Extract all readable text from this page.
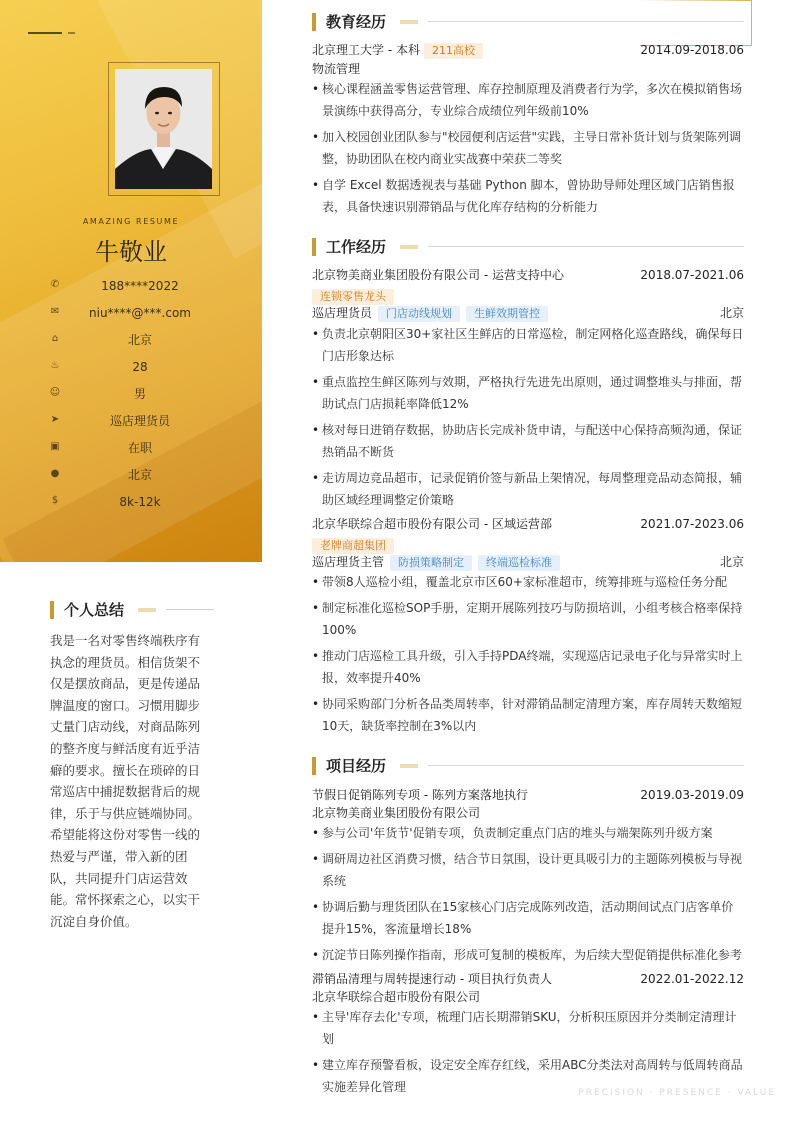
AMAZING RESUME
牛敬业
✆	188****2022
✉	niu****@***.com
⌂	北京
♨	28
☺	男
➤	巡店理货员
▣	在职
●	北京
$	8k-12k
个人总结
我是一名对零售终端秩序有执念的理货员。相信货架不仅是摆放商品，更是传递品牌温度的窗口。习惯用脚步丈量门店动线，对商品陈列的整齐度与鲜活度有近乎洁癖的要求。擅长在琐碎的日常巡店中捕捉数据背后的规律，乐于与供应链端协同。希望能将这份对零售一线的热爱与严谨，带入新的团队，共同提升门店运营效能。常怀探索之心，以实干沉淀自身价值。
教育经历
北京理工大学 - 本科 211高校	2014.09-2018.06
物流管理
• 核心课程涵盖零售运营管理、库存控制原理及消费者行为学，多次在模拟销售场景演练中获得高分，专业综合成绩位列年级前10%
• 加入校园创业团队参与"校园便利店运营"实践，主导日常补货计划与货架陈列调整，协助团队在校内商业实战赛中荣获二等奖
• 自学 Excel 数据透视表与基础 Python 脚本，曾协助导师处理区域门店销售报表，具备快速识别滞销品与优化库存结构的分析能力
工作经历
北京物美商业集团股份有限公司 - 运营支持中心	2018.07-2021.06
连锁零售龙头
巡店理货员 门店动线规划 生鲜效期管控	北京
• 负责北京朝阳区30+家社区生鲜店的日常巡检，制定网格化巡查路线，确保每日门店形象达标
• 重点监控生鲜区陈列与效期，严格执行先进先出原则，通过调整堆头与排面，帮助试点门店损耗率降低12%
• 核对每日进销存数据，协助店长完成补货申请，与配送中心保持高频沟通，保证热销品不断货
• 走访周边竞品超市，记录促销价签与新品上架情况，每周整理竞品动态简报，辅助区域经理调整定价策略
北京华联综合超市股份有限公司 - 区域运营部	2021.07-2023.06
老牌商超集团
巡店理货主管 防损策略制定 终端巡检标准	北京
• 带领8人巡检小组，覆盖北京市区60+家标准超市，统筹排班与巡检任务分配
• 制定标准化巡检SOP手册，定期开展陈列技巧与防损培训，小组考核合格率保持100%
• 推动门店巡检工具升级，引入手持PDA终端，实现巡店记录电子化与异常实时上报，效率提升40%
• 协同采购部门分析各品类周转率，针对滞销品制定清理方案，库存周转天数缩短10天，缺货率控制在3%以内
项目经历
节假日促销陈列专项 - 陈列方案落地执行	2019.03-2019.09
北京物美商业集团股份有限公司
• 参与公司'年货节'促销专项，负责制定重点门店的堆头与端架陈列升级方案
• 调研周边社区消费习惯，结合节日氛围，设计更具吸引力的主题陈列模板与导视系统
• 协调后勤与理货团队在15家核心门店完成陈列改造，活动期间试点门店客单价提升15%，客流量增长18%
• 沉淀节日陈列操作指南，形成可复制的模板库，为后续大型促销提供标准化参考
滞销品清理与周转提速行动 - 项目执行负责人	2022.01-2022.12
北京华联综合超市股份有限公司
• 主导'库存去化'专项，梳理门店长期滞销SKU，分析积压原因并分类制定清理计划
• 建立库存预警看板，设定安全库存红线，采用ABC分类法对高周转与低周转商品实施差异化管理	PRECISION · PRESENCE · VALUE
